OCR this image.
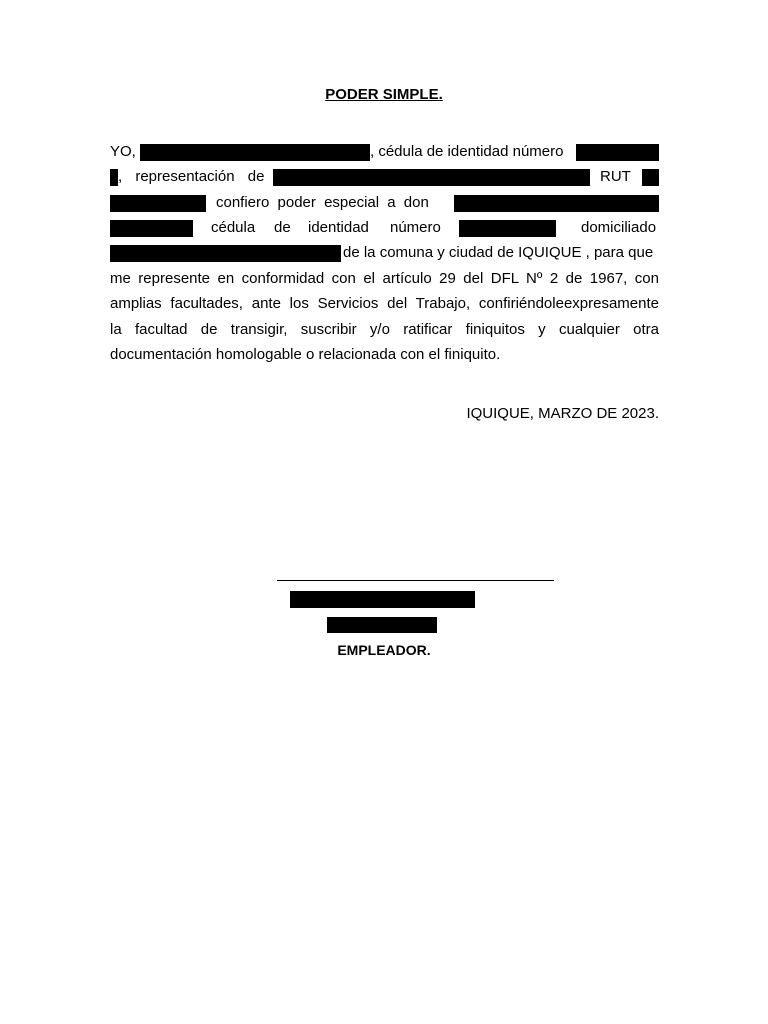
PODER SIMPLE.
YO,	, cédula de identidad número
, representación de	RUT
confiero poder especial a don
cédula de identidad número	domiciliado
de la comuna y ciudad de IQUIQUE , para que
me represente en conformidad con el artículo 29 del DFL Nº 2 de 1967, con
amplias facultades, ante los Servicios del Trabajo, confiriéndoleexpresamente
la facultad de transigir, suscribir y/o ratificar finiquitos y cualquier otra
documentación homologable o relacionada con el finiquito.
IQUIQUE, MARZO DE 2023.
EMPLEADOR.
